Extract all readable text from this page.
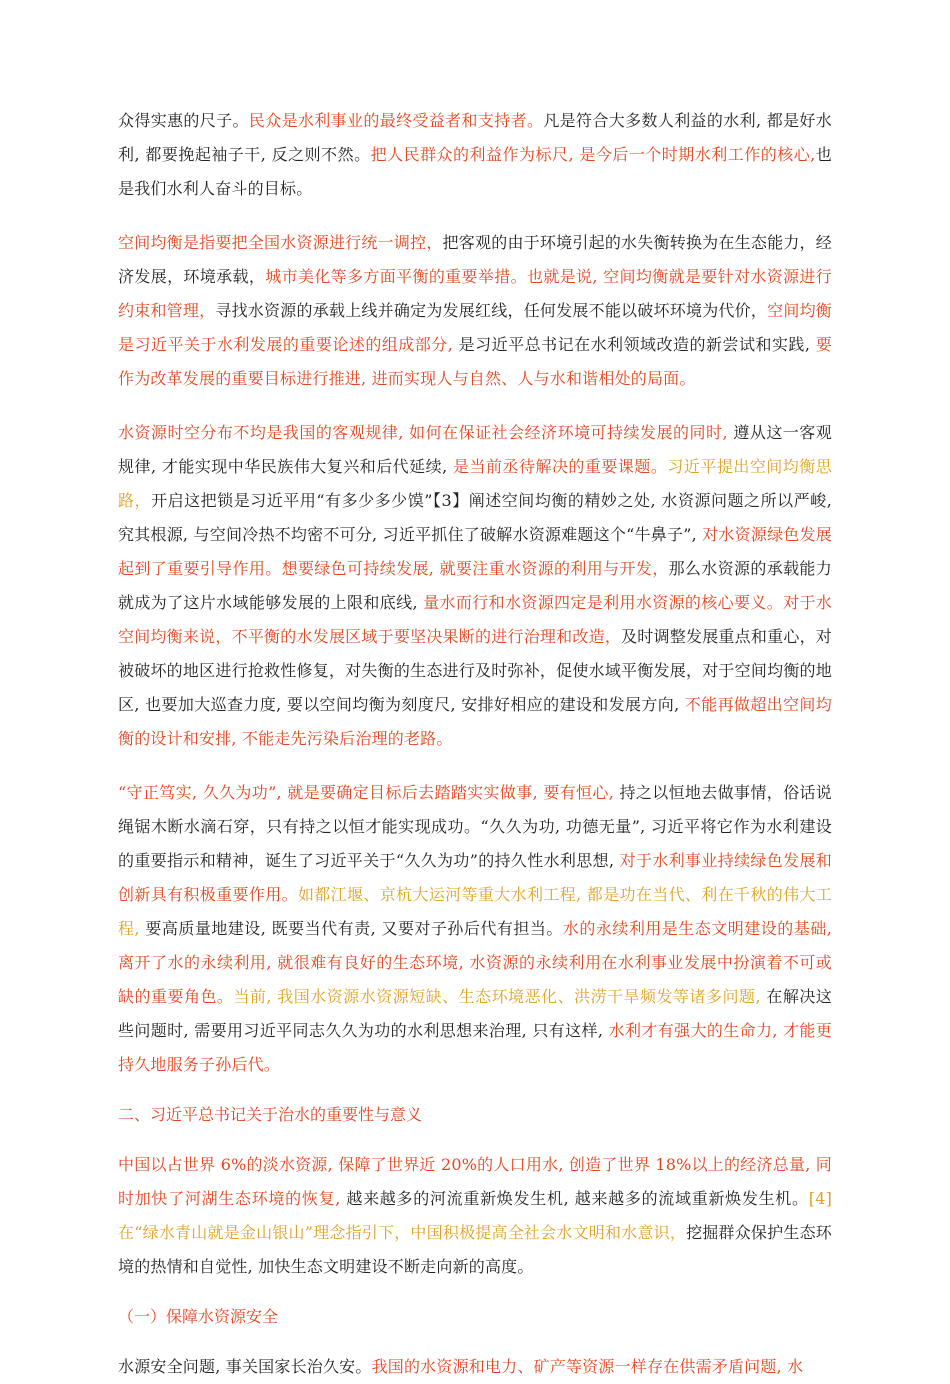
众得实惠的尺子。民众是水利事业的最终受益者和支持者。凡是符合大多数人利益的水利, 都是好水利, 都要挽起袖子干, 反之则不然。把人民群众的利益作为标尺, 是今后一个时期水利工作的核心,也是我们水利人奋斗的目标。

空间均衡是指要把全国水资源进行统一调控，把客观的由于环境引起的水失衡转换为在生态能力，经济发展，环境承载，城市美化等多方面平衡的重要举措。也就是说, 空间均衡就是要针对水资源进行约束和管理，寻找水资源的承载上线并确定为发展红线，任何发展不能以破坏环境为代价，空间均衡是习近平关于水利发展的重要论述的组成部分, 是习近平总书记在水利领域改造的新尝试和实践, 要作为改革发展的重要目标进行推进, 进而实现人与自然、人与水和谐相处的局面。

水资源时空分布不均是我国的客观规律, 如何在保证社会经济环境可持续发展的同时, 遵从这一客观规律, 才能实现中华民族伟大复兴和后代延续, 是当前丞待解决的重要课题。习近平提出空间均衡思路，开启这把锁是习近平用“有多少多少馍”【3】阐述空间均衡的精妙之处, 水资源问题之所以严峻, 究其根源, 与空间冷热不均密不可分, 习近平抓住了破解水资源难题这个“牛鼻子”, 对水资源绿色发展起到了重要引导作用。想要绿色可持续发展, 就要注重水资源的利用与开发，那么水资源的承载能力就成为了这片水域能够发展的上限和底线, 量水而行和水资源四定是利用水资源的核心要义。对于水空间均衡来说，不平衡的水发展区域于要坚决果断的进行治理和改造，及时调整发展重点和重心，对被破坏的地区进行抢救性修复，对失衡的生态进行及时弥补，促使水域平衡发展，对于空间均衡的地区, 也要加大巡查力度, 要以空间均衡为刻度尺, 安排好相应的建设和发展方向, 不能再做超出空间均衡的设计和安排, 不能走先污染后治理的老路。

“守正笃实, 久久为功”, 就是要确定目标后去踏踏实实做事, 要有恒心, 持之以恒地去做事情，俗话说绳锯木断水滴石穿，只有持之以恒才能实现成功。“久久为功, 功德无量”, 习近平将它作为水利建设的重要指示和精神，诞生了习近平关于“久久为功”的持久性水利思想, 对于水利事业持续绿色发展和创新具有积极重要作用。如都江堰、京杭大运河等重大水利工程, 都是功在当代、利在千秋的伟大工程, 要高质量地建设, 既要当代有责, 又要对子孙后代有担当。水的永续利用是生态文明建设的基础, 离开了水的永续利用, 就很难有良好的生态环境, 水资源的永续利用在水利事业发展中扮演着不可或缺的重要角色。当前, 我国水资源水资源短缺、生态环境恶化、洪涝干旱频发等诸多问题, 在解决这些问题时, 需要用习近平同志久久为功的水利思想来治理, 只有这样, 水利才有强大的生命力, 才能更持久地服务子孙后代。

二、习近平总书记关于治水的重要性与意义

中国以占世界 6%的淡水资源, 保障了世界近 20%的人口用水, 创造了世界 18%以上的经济总量, 同时加快了河湖生态环境的恢复, 越来越多的河流重新焕发生机, 越来越多的流域重新焕发生机。[4]在“绿水青山就是金山银山”理念指引下，中国积极提高全社会水文明和水意识，挖掘群众保护生态环境的热情和自觉性, 加快生态文明建设不断走向新的高度。

（一）保障水资源安全

水源安全问题, 事关国家长治久安。我国的水资源和电力、矿产等资源一样存在供需矛盾问题, 水
